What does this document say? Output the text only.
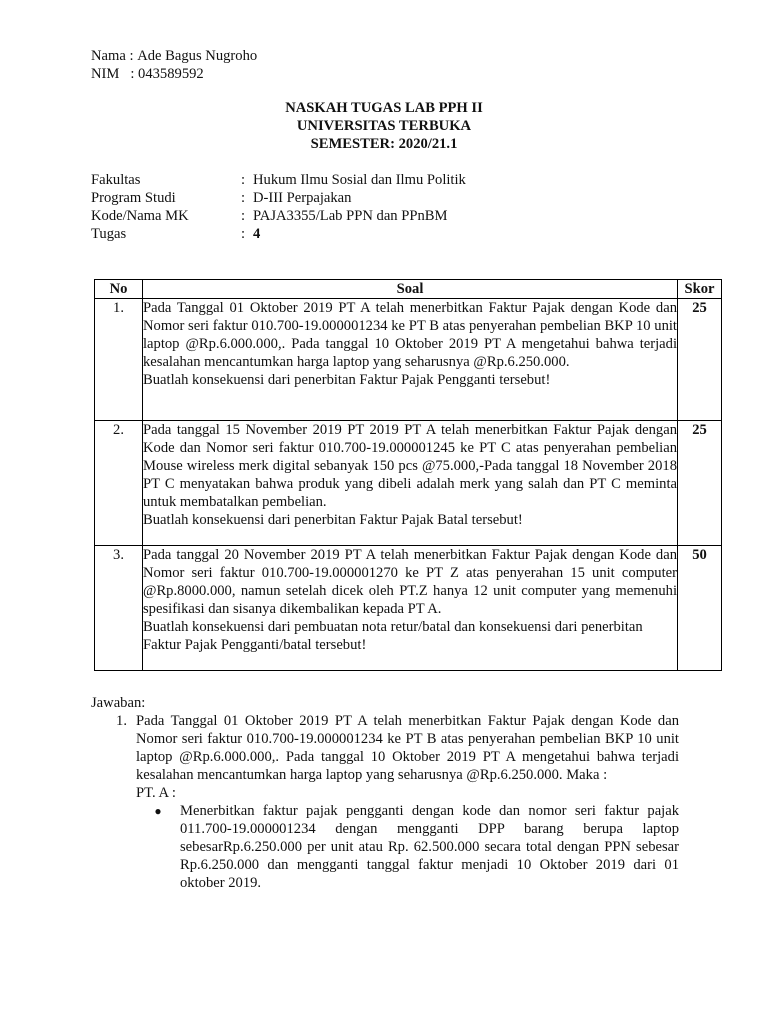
Nama : Ade Bagus Nugroho
NIM   : 043589592
NASKAH TUGAS LAB PPH II
UNIVERSITAS TERBUKA
SEMESTER: 2020/21.1
Fakultas	: Hukum Ilmu Sosial dan Ilmu Politik
Program Studi	: D-III Perpajakan
Kode/Nama MK	: PAJA3355/Lab PPN dan PPnBM
Tugas	: 4
No	Soal	Skor
1.	Pada Tanggal 01 Oktober 2019 PT A telah menerbitkan Faktur Pajak dengan Kode dan Nomor seri faktur 010.700-19.000001234 ke PT B atas penyerahan pembelian BKP 10 unit laptop @Rp.6.000.000,. Pada tanggal 10 Oktober 2019 PT A mengetahui bahwa terjadi kesalahan mencantumkan harga laptop yang seharusnya @Rp.6.250.000.

Buatlah konsekuensi dari penerbitan Faktur Pajak Pengganti tersebut!	25
2.	Pada tanggal 15 November 2019 PT 2019 PT A telah menerbitkan Faktur Pajak dengan Kode dan Nomor seri faktur 010.700-19.000001245 ke PT C atas penyerahan pembelian Mouse wireless merk digital sebanyak 150 pcs @75.000,-Pada tanggal 18 November 2018 PT C menyatakan bahwa produk yang dibeli adalah merk yang salah dan PT C meminta untuk membatalkan pembelian.

Buatlah konsekuensi dari penerbitan Faktur Pajak Batal tersebut!	25
3.	Pada tanggal 20 November 2019 PT A telah menerbitkan Faktur Pajak dengan Kode dan Nomor seri faktur 010.700-19.000001270 ke PT Z atas penyerahan 15 unit computer @Rp.8000.000, namun setelah dicek oleh PT.Z hanya 12 unit computer yang memenuhi spesifikasi dan sisanya dikembalikan kepada PT A.

Buatlah konsekuensi dari pembuatan nota retur/batal dan konsekuensi dari penerbitan Faktur Pajak Pengganti/batal tersebut!	50
Jawaban:
1. Pada Tanggal 01 Oktober 2019 PT A telah menerbitkan Faktur Pajak dengan Kode dan Nomor seri faktur 010.700-19.000001234 ke PT B atas penyerahan pembelian BKP 10 unit laptop @Rp.6.000.000,. Pada tanggal 10 Oktober 2019 PT A mengetahui bahwa terjadi kesalahan mencantumkan harga laptop yang seharusnya @Rp.6.250.000. Maka :
PT. A :
●	Menerbitkan faktur pajak pengganti dengan kode dan nomor seri faktur pajak 011.700-19.000001234 dengan mengganti DPP barang berupa laptop sebesarRp.6.250.000 per unit atau Rp. 62.500.000 secara total dengan PPN sebesar Rp.6.250.000 dan mengganti tanggal faktur menjadi 10 Oktober 2019 dari 01 oktober 2019.
